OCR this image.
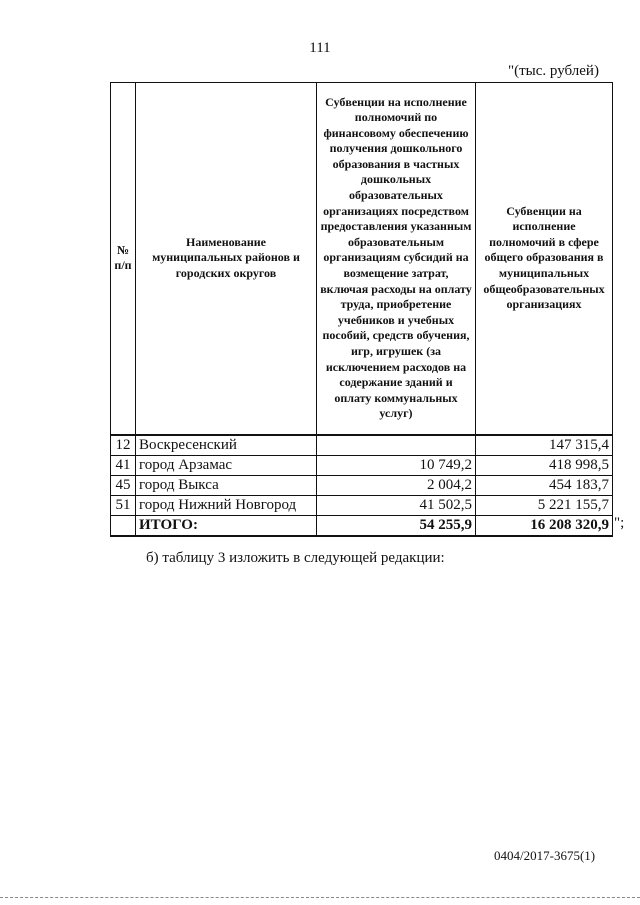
111
"(тыс. рублей)
№ п/п	Наименование муниципальных районов и городских округов	Субвенции на исполнение полномочий по финансовому обеспечению получения дошкольного образования в частных дошкольных образовательных организациях посредством предоставления указанным образовательным организациям субсидий на возмещение затрат, включая расходы на оплату труда, приобретение учебников и учебных пособий, средств обучения, игр, игрушек (за исключением расходов на содержание зданий и оплату коммунальных услуг)	Субвенции на исполнение полномочий в сфере общего образования в муниципальных общеобразовательных организациях
12	Воскресенский		147 315,4
41	город Арзамас	10 749,2	418 998,5
45	город Выкса	2 004,2	454 183,7
51	город Нижний Новгород	41 502,5	5 221 155,7
	ИТОГО:	54 255,9	16 208 320,9 ";
б) таблицу 3 изложить в следующей редакции:
0404/2017-3675(1)
